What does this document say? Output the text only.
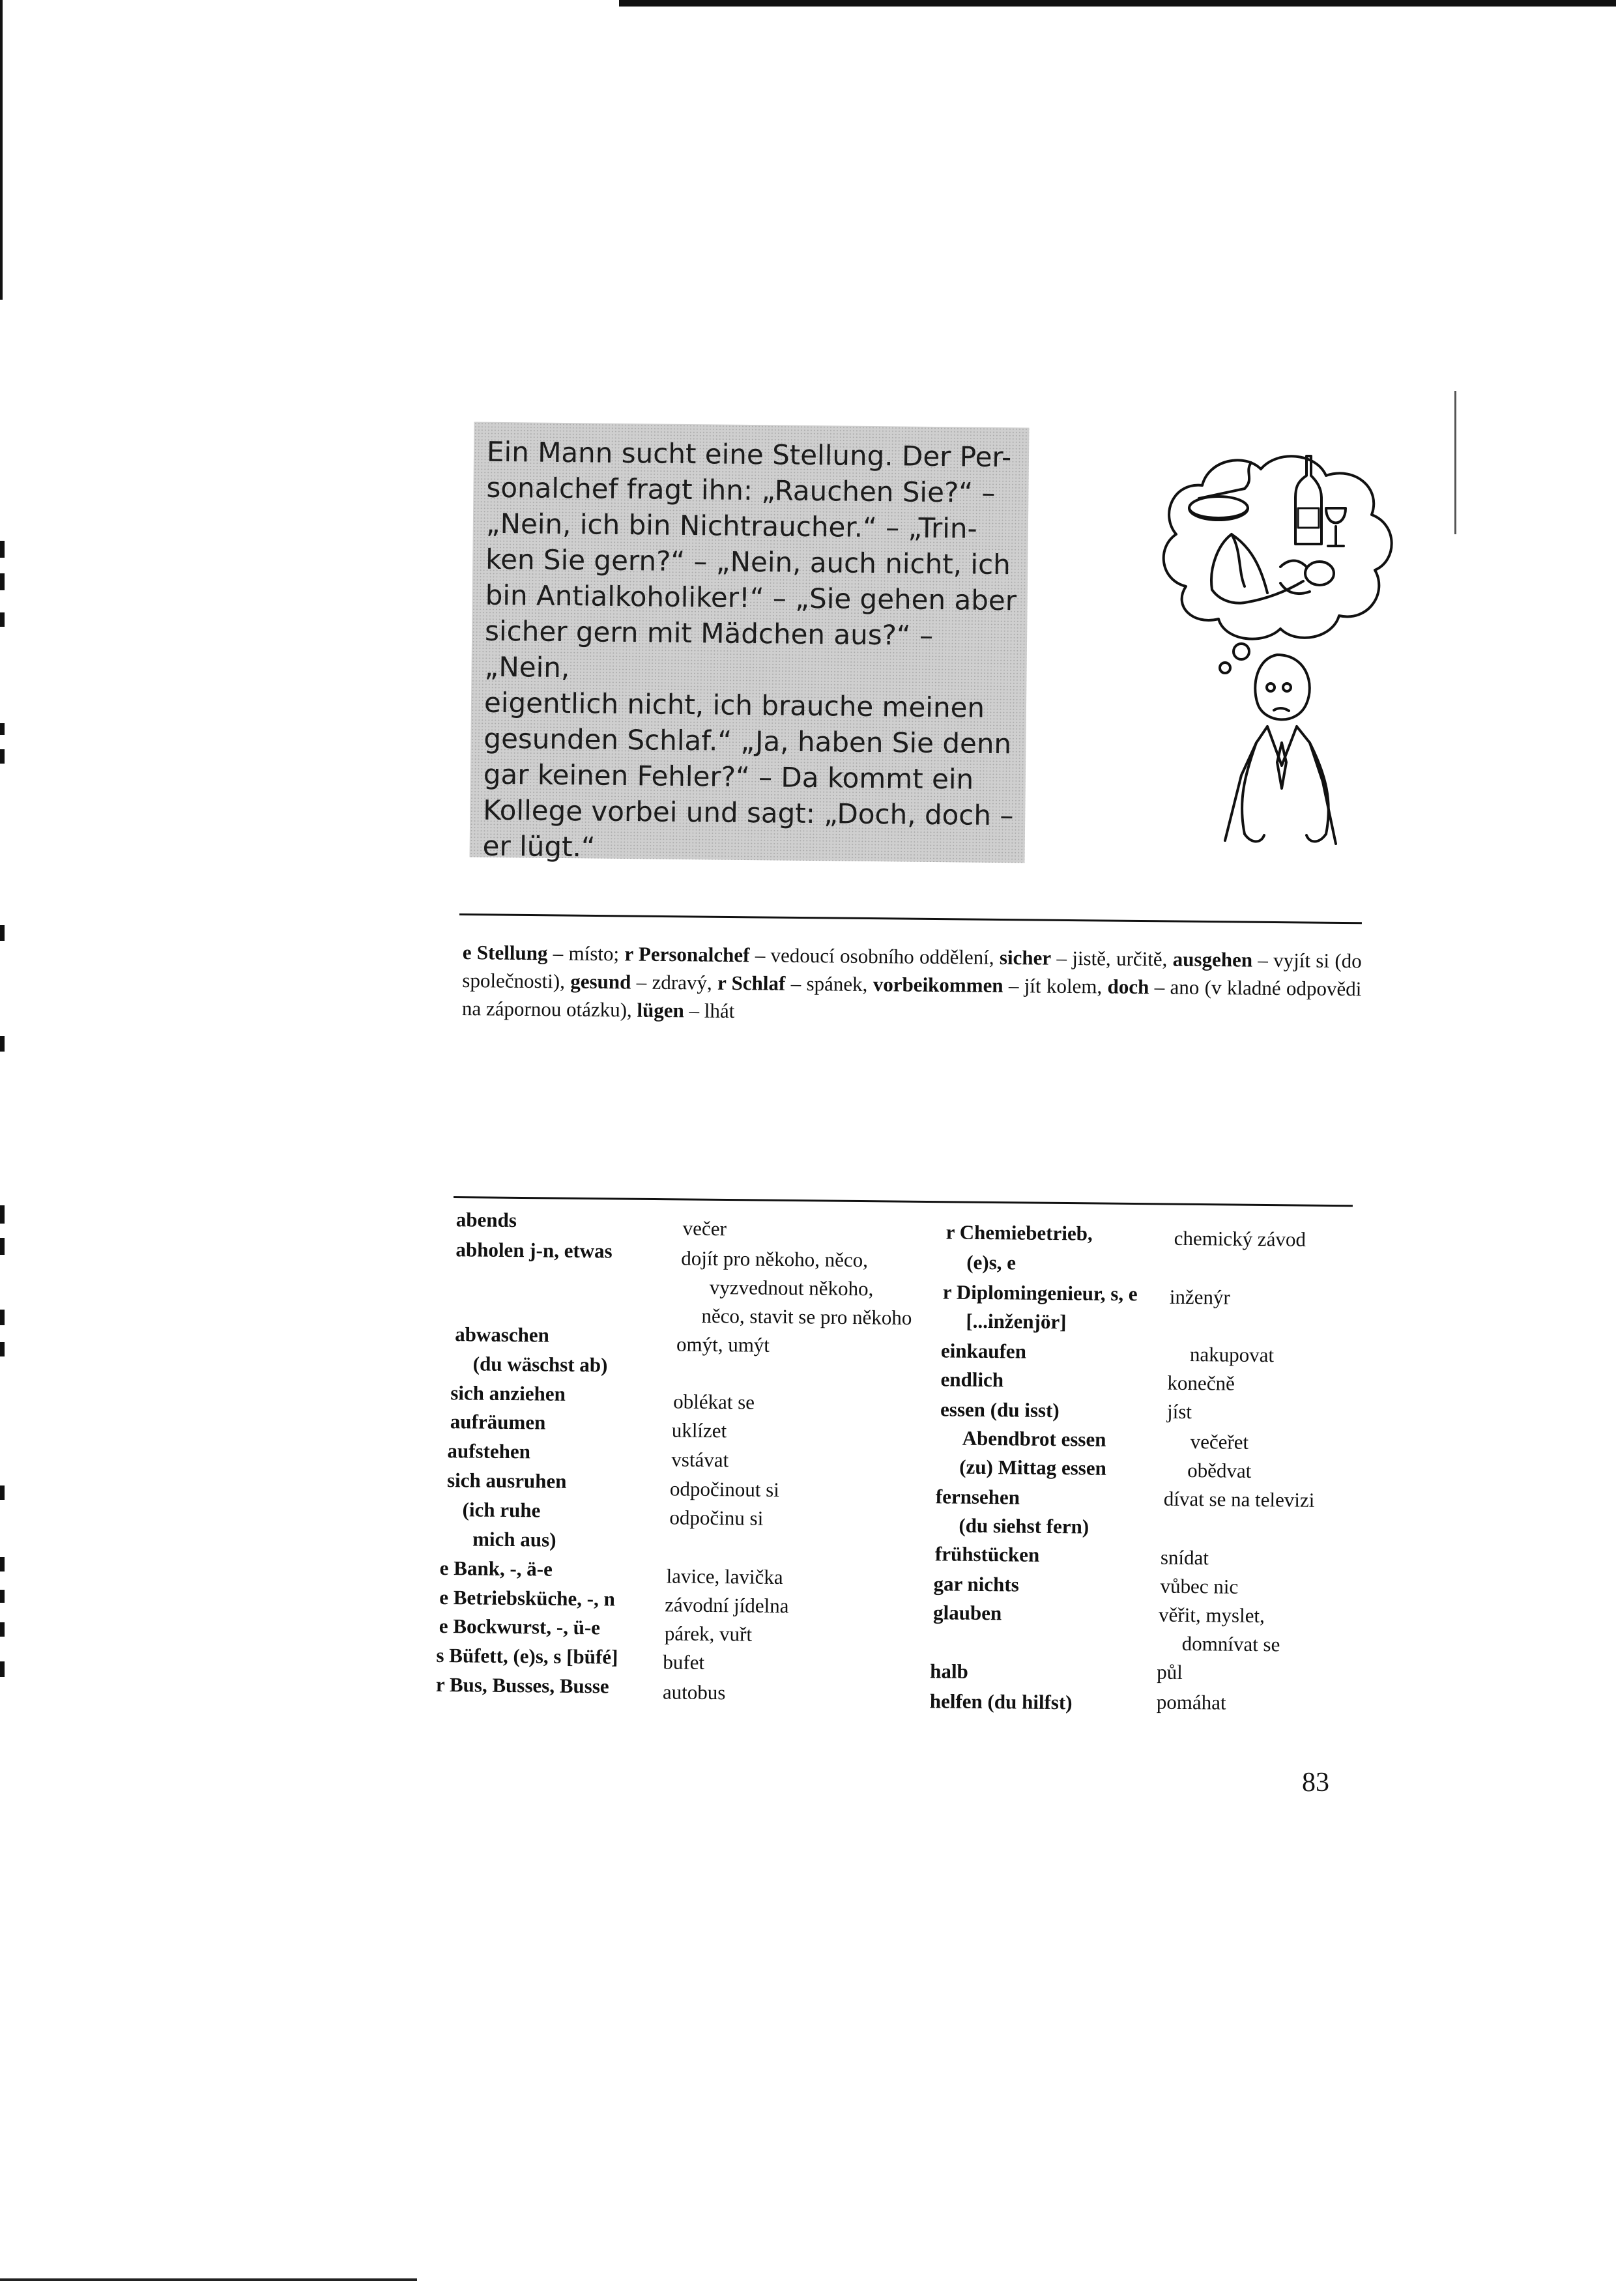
Ein Mann sucht eine Stellung. Der Per-
sonalchef fragt ihn: „Rauchen Sie?“ –
„Nein, ich bin Nichtraucher.“ – „Trin-
ken Sie gern?“ – „Nein, auch nicht, ich
bin Antialkoholiker!“ – „Sie gehen aber
sicher gern mit Mädchen aus?“ – „Nein,
eigentlich nicht, ich brauche meinen
gesunden Schlaf.“ „Ja, haben Sie denn
gar keinen Fehler?“ – Da kommt ein
Kollege vorbei und sagt: „Doch, doch –
er lügt.“

e Stellung – místo; r Personalchef – vedoucí osobního oddělení, sicher – jistě, určitě, ausgehen – vyjít si (do společnosti), gesund – zdravý, r Schlaf – spánek, vorbeikommen – jít kolem, doch – ano (v kladné odpovědi na zápornou otázku), lügen – lhát

abends
abholen j-n, etwas
abwaschen
(du wäschst ab)
sich anziehen
aufräumen
aufstehen
sich ausruhen
(ich ruhe
mich aus)
e Bank, -, ä-e
e Betriebsküche, -, n
e Bockwurst, -, ü-e
s Büfett, (e)s, s [büfé]
r Bus, Busses, Busse
večer
dojít pro někoho, něco,
vyzvednout někoho,
něco, stavit se pro někoho
omýt, umýt
oblékat se
uklízet
vstávat
odpočinout si
odpočinu si
lavice, lavička
závodní jídelna
párek, vuřt
bufet
autobus
r Chemiebetrieb,
(e)s, e
r Diplomingenieur, s, e
[...inženjör]
einkaufen
endlich
essen (du isst)
Abendbrot essen
(zu) Mittag essen
fernsehen
(du siehst fern)
frühstücken
gar nichts
glauben
halb
helfen (du hilfst)
chemický závod
inženýr
nakupovat
konečně
jíst
večeřet
obědvat
dívat se na televizi
snídat
vůbec nic
věřit, myslet,
domnívat se
půl
pomáhat
83
